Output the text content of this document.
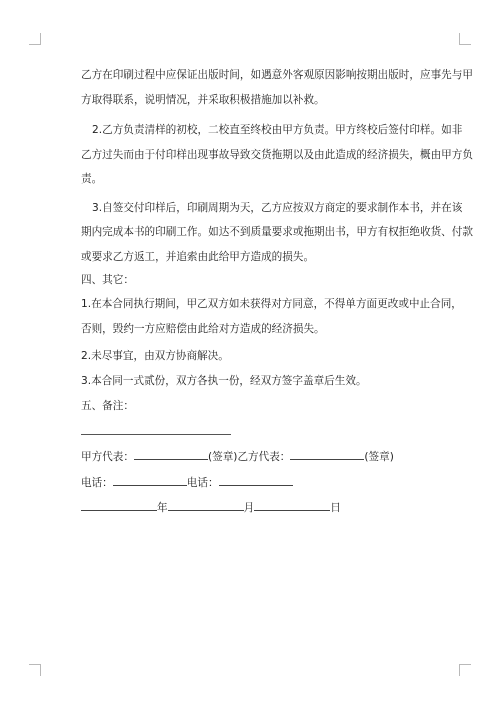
乙方在印刷过程中应保证出版时间，如遇意外客观原因影响按期出版时，应事先与甲
方取得联系，说明情况，并采取积极措施加以补救。
2.乙方负责清样的初校，二校直至终校由甲方负责。甲方终校后签付印样。如非
乙方过失而由于付印样出现事故导致交货拖期以及由此造成的经济损失，概由甲方负
责。
3.自签交付印样后，印刷周期为天，乙方应按双方商定的要求制作本书，并在该
期内完成本书的印刷工作。如达不到质量要求或拖期出书，甲方有权拒绝收货、付款
或要求乙方返工，并追索由此给甲方造成的损失。
四、其它：
1.在本合同执行期间，甲乙双方如未获得对方同意，不得单方面更改或中止合同，
否则，毁约一方应赔偿由此给对方造成的经济损失。
2.未尽事宜，由双方协商解决。
3.本合同一式贰份，双方各执一份，经双方签字盖章后生效。
五、备注：
甲方代表：	(签章)乙方代表：	(签章)
电话：	电话：
年	月	日
